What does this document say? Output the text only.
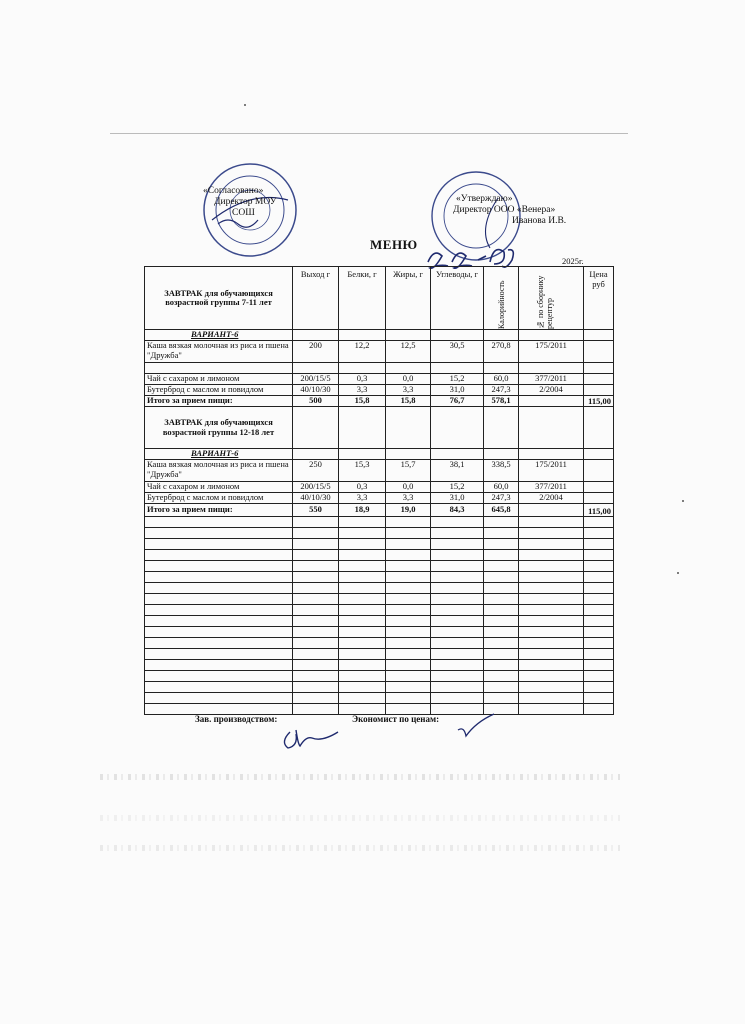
«Согласовано»
Директор МОУ
СОШ
«Утверждаю»
Директор ООО «Венера»
Иванова И.В.
МЕНЮ
2025г.
ЗАВТРАК для обучающихся возрастной группы 7-11 лет	Выход г	Белки, г	Жиры, г	Углеводы, г	Калорийность	№ по сборнику рецептур	Цена руб
ВАРИАНТ-6							
Каша вязкая молочная из риса и пшена "Дружба"	200	12,2	12,5	30,5	270,8	175/2011	

Чай с сахаром и лимоном	200/15/5	0,3	0,0	15,2	60,0	377/2011	
Бутерброд с маслом и повидлом	40/10/30	3,3	3,3	31,0	247,3	2/2004	
Итого за прием пищи:	500	15,8	15,8	76,7	578,1		115,00
ЗАВТРАК для обучающихся возрастной группы 12-18 лет							
ВАРИАНТ-6							
Каша вязкая молочная из риса и пшена "Дружба"	250	15,3	15,7	38,1	338,5	175/2011	
Чай с сахаром и лимоном	200/15/5	0,3	0,0	15,2	60,0	377/2011	
Бутерброд с маслом и повидлом	40/10/30	3,3	3,3	31,0	247,3	2/2004	
Итого за прием пищи:	550	18,9	19,0	84,3	645,8		115,00

Зав. производством:	Экономист по ценам:
